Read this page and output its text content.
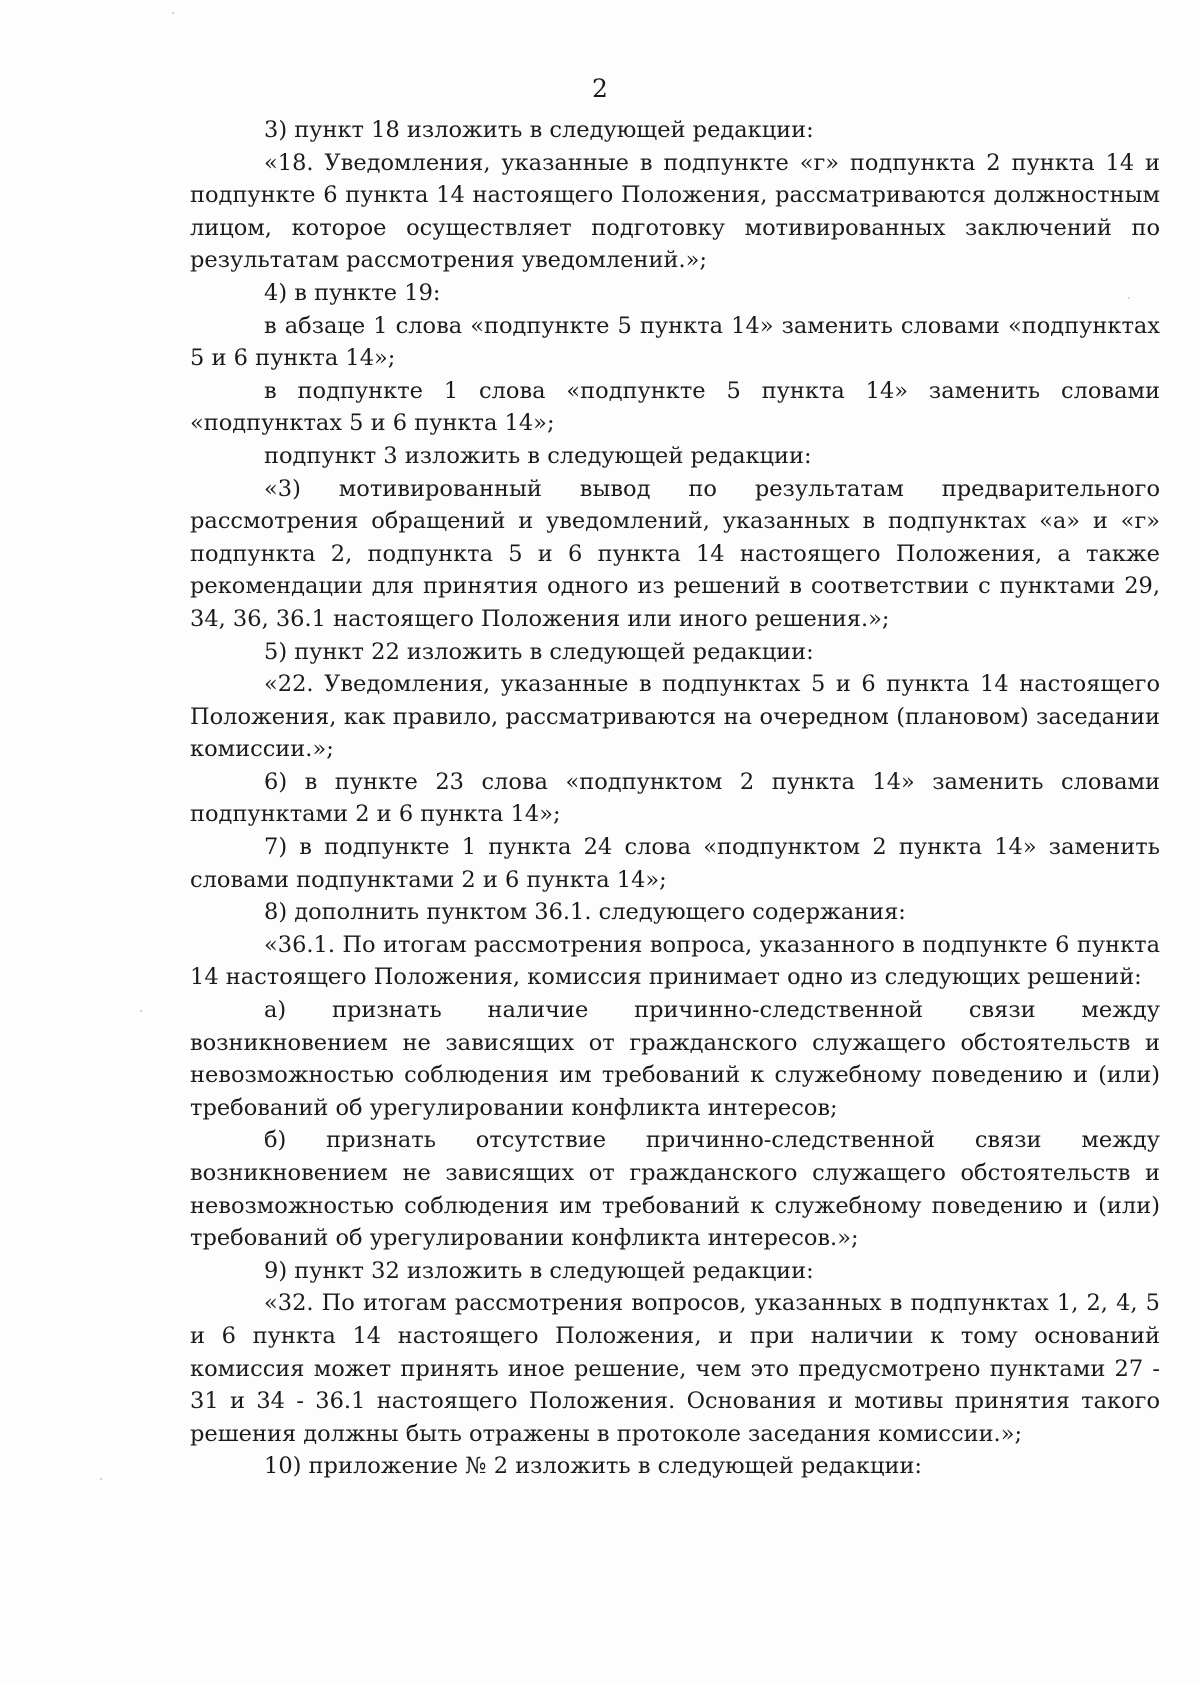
2

3) пункт 18 изложить в следующей редакции:

«18. Уведомления, указанные в подпункте «г» подпункта 2 пункта 14 и подпункте 6 пункта 14 настоящего Положения, рассматриваются должностным лицом, которое осуществляет подготовку мотивированных заключений по результатам рассмотрения уведомлений.»;

4) в пункте 19:

в абзаце 1 слова «подпункте 5 пункта 14» заменить словами «подпунктах 5 и 6 пункта 14»;

в подпункте 1 слова «подпункте 5 пункта 14» заменить словами «подпунктах 5 и 6 пункта 14»;

подпункт 3 изложить в следующей редакции:

«3) мотивированный вывод по результатам предварительного рассмотрения обращений и уведомлений, указанных в подпунктах «а» и «г» подпункта 2, подпункта 5 и 6 пункта 14 настоящего Положения, а также рекомендации для принятия одного из решений в соответствии с пунктами 29, 34, 36, 36.1 настоящего Положения или иного решения.»;

5) пункт 22 изложить в следующей редакции:

«22. Уведомления, указанные в подпунктах 5 и 6 пункта 14 настоящего Положения, как правило, рассматриваются на очередном (плановом) заседании комиссии.»;

6) в пункте 23 слова «подпунктом 2 пункта 14» заменить словами подпунктами 2 и 6 пункта 14»;

7) в подпункте 1 пункта 24 слова «подпунктом 2 пункта 14» заменить словами подпунктами 2 и 6 пункта 14»;

8) дополнить пунктом 36.1. следующего содержания:

«36.1. По итогам рассмотрения вопроса, указанного в подпункте 6 пункта 14 настоящего Положения, комиссия принимает одно из следующих решений:

а) признать наличие причинно-следственной связи между возникновением не зависящих от гражданского служащего обстоятельств и невозможностью соблюдения им требований к служебному поведению и (или) требований об урегулировании конфликта интересов;

б) признать отсутствие причинно-следственной связи между возникновением не зависящих от гражданского служащего обстоятельств и невозможностью соблюдения им требований к служебному поведению и (или) требований об урегулировании конфликта интересов.»;

9) пункт 32 изложить в следующей редакции:

«32. По итогам рассмотрения вопросов, указанных в подпунктах 1, 2, 4, 5 и 6 пункта 14 настоящего Положения, и при наличии к тому оснований комиссия может принять иное решение, чем это предусмотрено пунктами 27 - 31 и 34 - 36.1 настоящего Положения. Основания и мотивы принятия такого решения должны быть отражены в протоколе заседания комиссии.»;

10) приложение № 2 изложить в следующей редакции:
